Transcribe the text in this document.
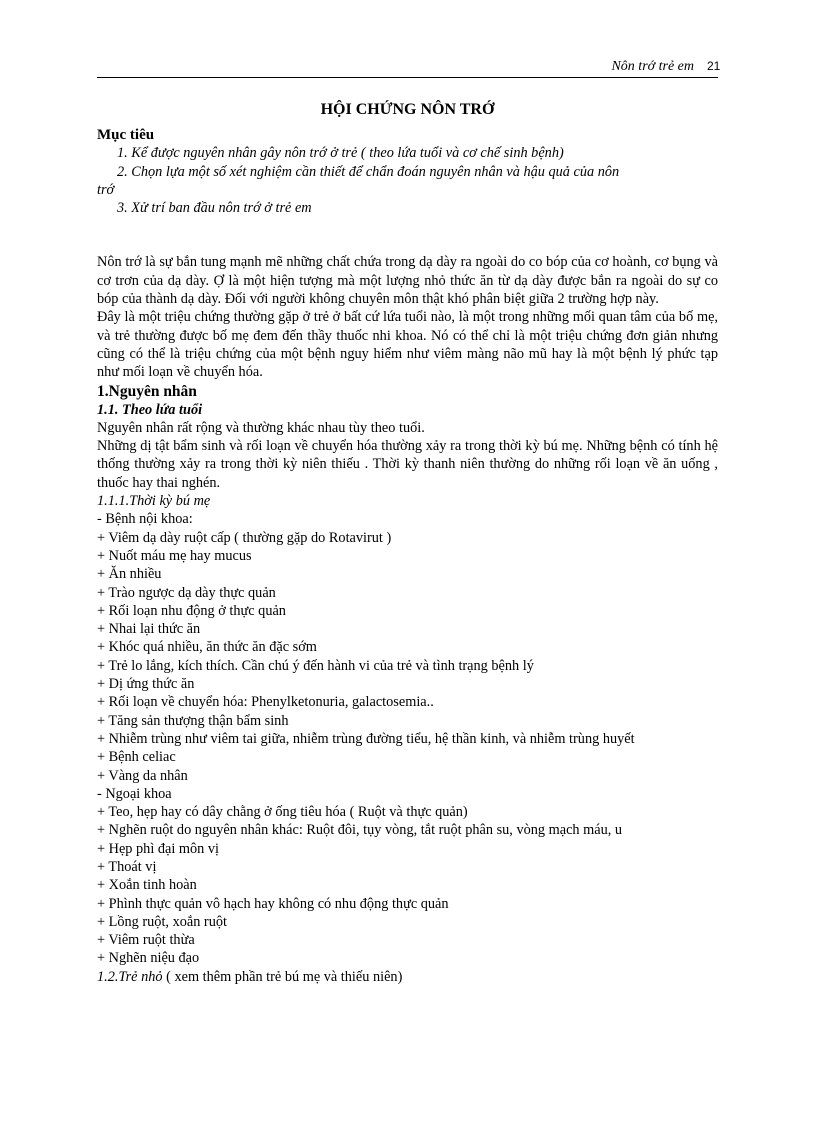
Nôn trớ trẻ em 21
HỘI CHỨNG NÔN TRỚ
Mục tiêu
1. Kể được nguyên nhân gây nôn trớ ở trẻ ( theo lứa tuổi và cơ chế sinh bệnh)
2. Chọn lựa một số xét nghiệm cần thiết để chẩn đoán nguyên nhân và hậu quả của nôn
trớ
3. Xử trí ban đầu nôn trớ ở trẻ em
Nôn trớ là sự bắn tung mạnh mẽ những chất chứa trong dạ dày ra ngoài do co bóp của cơ hoành, cơ bụng và cơ trơn của dạ dày. Ợ là một hiện tượng mà một lượng nhỏ thức ăn từ dạ dày được bắn ra ngoài do sự co bóp của thành dạ dày. Đối với người không chuyên môn thật khó phân biệt giữa 2 trường hợp này.
Đây là một triệu chứng thường gặp ở trẻ ở bất cứ lứa tuổi nào, là một trong những mối quan tâm của bố mẹ, và trẻ thường được bố mẹ đem đến thầy thuốc nhi khoa. Nó có thể chỉ là một triệu chứng đơn giản nhưng cũng có thể là triệu chứng của một bệnh nguy hiểm như viêm màng não mũ hay là một bệnh lý phức tạp như mối loạn về chuyển hóa.
1.Nguyên nhân
1.1. Theo lứa tuổi
Nguyên nhân rất rộng và thường khác nhau tùy theo tuổi.
Những dị tật bẩm sinh và rối loạn về chuyển hóa thường xảy ra trong thời kỳ bú mẹ. Những bệnh có tính hệ thống thường xảy ra trong thời kỳ niên thiếu . Thời kỳ thanh niên thường do những rối loạn về ăn uống , thuốc hay thai nghén.
1.1.1.Thời kỳ bú mẹ
- Bệnh nội khoa:
+ Viêm dạ dày ruột cấp ( thường gặp do Rotavirut )
+ Nuốt máu mẹ hay mucus
+ Ăn nhiều
+ Trào ngược dạ dày thực quản
+ Rối loạn nhu động ở thực quản
+ Nhai lại thức ăn
+ Khóc quá nhiều, ăn thức ăn đặc sớm
+ Trẻ lo lắng, kích thích. Cần chú ý đến hành vi của trẻ và tình trạng bệnh lý
+ Dị ứng thức ăn
+ Rối loạn về chuyển hóa: Phenylketonuria, galactosemia..
+ Tăng sản thượng thận bẩm sinh
+ Nhiễm trùng như viêm tai giữa, nhiễm trùng đường tiểu, hệ thần kinh, và nhiễm trùng huyết
+ Bệnh celiac
+ Vàng da nhân
- Ngoại khoa
+ Teo, hẹp hay có dây chằng ở ống tiêu hóa ( Ruột và thực quản)
+ Nghẽn ruột do nguyên nhân khác: Ruột đôi, tụy vòng, tắt ruột phân su, vòng mạch máu, u
+ Hẹp phì đại môn vị
+ Thoát vị
+ Xoắn tinh hoàn
+ Phình thực quản vô hạch hay không có nhu động thực quản
+ Lồng ruột, xoắn ruột
+ Viêm ruột thừa
+ Nghẽn niệu đạo
1.2.Trẻ nhỏ ( xem thêm phần trẻ bú mẹ và thiếu niên)
